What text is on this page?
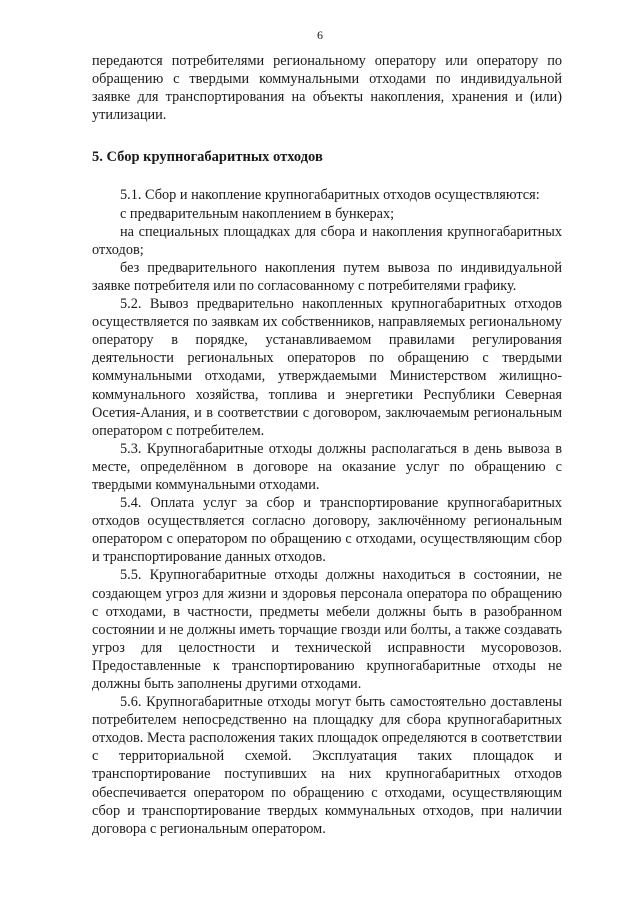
6

передаются потребителями региональному оператору или оператору по обращению с твердыми коммунальными отходами по индивидуальной заявке для транспортирования на объекты накопления, хранения и (или) утилизации.

5. Сбор крупногабаритных отходов

5.1. Сбор и накопление крупногабаритных отходов осуществляются:

с предварительным накоплением в бункерах;

на специальных площадках для сбора и накопления крупногабаритных отходов;

без предварительного накопления путем вывоза по индивидуальной заявке потребителя или по согласованному с потребителями графику.

5.2. Вывоз предварительно накопленных крупногабаритных отходов осуществляется по заявкам их собственников, направляемых региональному оператору в порядке, устанавливаемом правилами регулирования деятельности региональных операторов по обращению с твердыми коммунальными отходами, утверждаемыми Министерством жилищно-коммунального хозяйства, топлива и энергетики Республики Северная Осетия-Алания, и в соответствии с договором, заключаемым региональным оператором с потребителем.

5.3. Крупногабаритные отходы должны располагаться в день вывоза в месте, определённом в договоре на оказание услуг по обращению с твердыми коммунальными отходами.

5.4. Оплата услуг за сбор и транспортирование крупногабаритных отходов осуществляется согласно договору, заключённому региональным оператором с оператором по обращению с отходами, осуществляющим сбор и транспортирование данных отходов.

5.5. Крупногабаритные отходы должны находиться в состоянии, не создающем угроз для жизни и здоровья персонала оператора по обращению с отходами, в частности, предметы мебели должны быть в разобранном состоянии и не должны иметь торчащие гвозди или болты, а также создавать угроз для целостности и технической исправности мусоровозов. Предоставленные к транспортированию крупногабаритные отходы не должны быть заполнены другими отходами.

5.6. Крупногабаритные отходы могут быть самостоятельно доставлены потребителем непосредственно на площадку для сбора крупногабаритных отходов. Места расположения таких площадок определяются в соответствии с территориальной схемой. Эксплуатация таких площадок и транспортирование поступивших на них крупногабаритных отходов обеспечивается оператором по обращению с отходами, осуществляющим сбор и транспортирование твердых коммунальных отходов, при наличии договора с региональным оператором.
